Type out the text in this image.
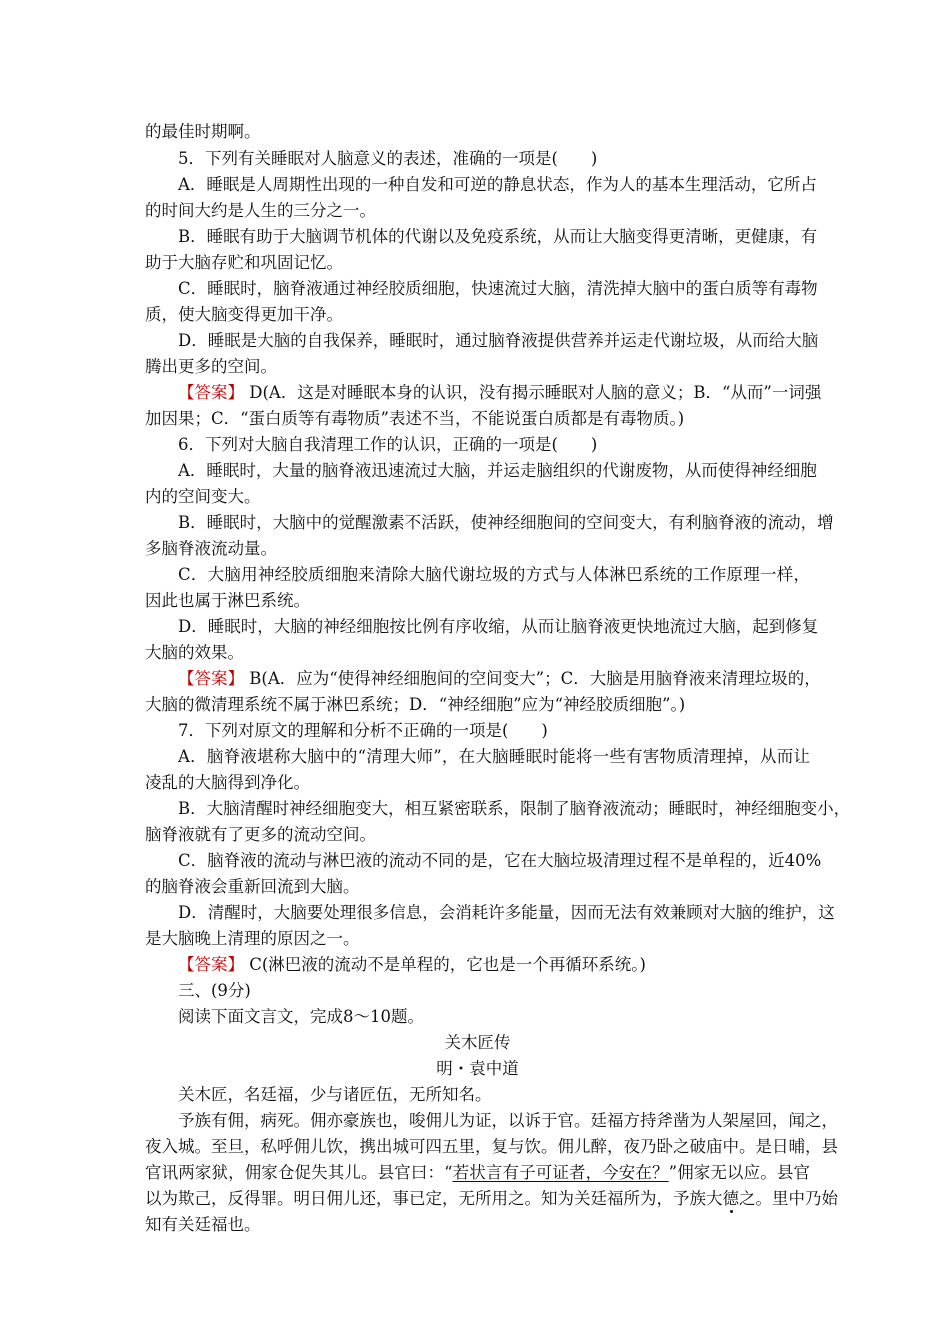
的最佳时期啊。
5．下列有关睡眠对人脑意义的表述，准确的一项是(　　)
A．睡眠是人周期性出现的一种自发和可逆的静息状态，作为人的基本生理活动，它所占
的时间大约是人生的三分之一。
B．睡眠有助于大脑调节机体的代谢以及免疫系统，从而让大脑变得更清晰，更健康，有
助于大脑存贮和巩固记忆。
C．睡眠时，脑脊液通过神经胶质细胞，快速流过大脑，清洗掉大脑中的蛋白质等有毒物
质，使大脑变得更加干净。
D．睡眠是大脑的自我保养，睡眠时，通过脑脊液提供营养并运走代谢垃圾，从而给大脑
腾出更多的空间。
【答案】 D(A．这是对睡眠本身的认识，没有揭示睡眠对人脑的意义；B．“从而”一词强
加因果；C．“蛋白质等有毒物质”表述不当，不能说蛋白质都是有毒物质。)
6．下列对大脑自我清理工作的认识，正确的一项是(　　)
A．睡眠时，大量的脑脊液迅速流过大脑，并运走脑组织的代谢废物，从而使得神经细胞
内的空间变大。
B．睡眠时，大脑中的觉醒激素不活跃，使神经细胞间的空间变大，有利脑脊液的流动，增
多脑脊液流动量。
C．大脑用神经胶质细胞来清除大脑代谢垃圾的方式与人体淋巴系统的工作原理一样，
因此也属于淋巴系统。
D．睡眠时，大脑的神经细胞按比例有序收缩，从而让脑脊液更快地流过大脑，起到修复
大脑的效果。
【答案】 B(A．应为“使得神经细胞间的空间变大”；C．大脑是用脑脊液来清理垃圾的，
大脑的微清理系统不属于淋巴系统；D．“神经细胞”应为“神经胶质细胞”。)
7．下列对原文的理解和分析不正确的一项是(　　)
A．脑脊液堪称大脑中的“清理大师”，在大脑睡眠时能将一些有害物质清理掉，从而让
凌乱的大脑得到净化。
B．大脑清醒时神经细胞变大，相互紧密联系，限制了脑脊液流动；睡眠时，神经细胞变小，
脑脊液就有了更多的流动空间。
C．脑脊液的流动与淋巴液的流动不同的是，它在大脑垃圾清理过程不是单程的，近40%
的脑脊液会重新回流到大脑。
D．清醒时，大脑要处理很多信息，会消耗许多能量，因而无法有效兼顾对大脑的维护，这
是大脑晚上清理的原因之一。
【答案】 C(淋巴液的流动不是单程的，它也是一个再循环系统。)
三、(9分)
阅读下面文言文，完成8～10题。
关木匠传
明・袁中道
关木匠，名廷福，少与诸匠伍，无所知名。
予族有佣，病死。佣亦豪族也，唆佣儿为证，以诉于官。廷福方持斧凿为人架屋回，闻之，
夜入城。至旦，私呼佣儿饮，携出城可四五里，复与饮。佣儿醉，夜乃卧之破庙中。是日晡，县
官讯两家狱，佣家仓促失其儿。县官曰：“若状言有子可证者，今安在？”佣家无以应。县官
以为欺己，反得罪。明日佣儿还，事已定，无所用之。知为关廷福所为，予族大德之。里中乃始
知有关廷福也。
